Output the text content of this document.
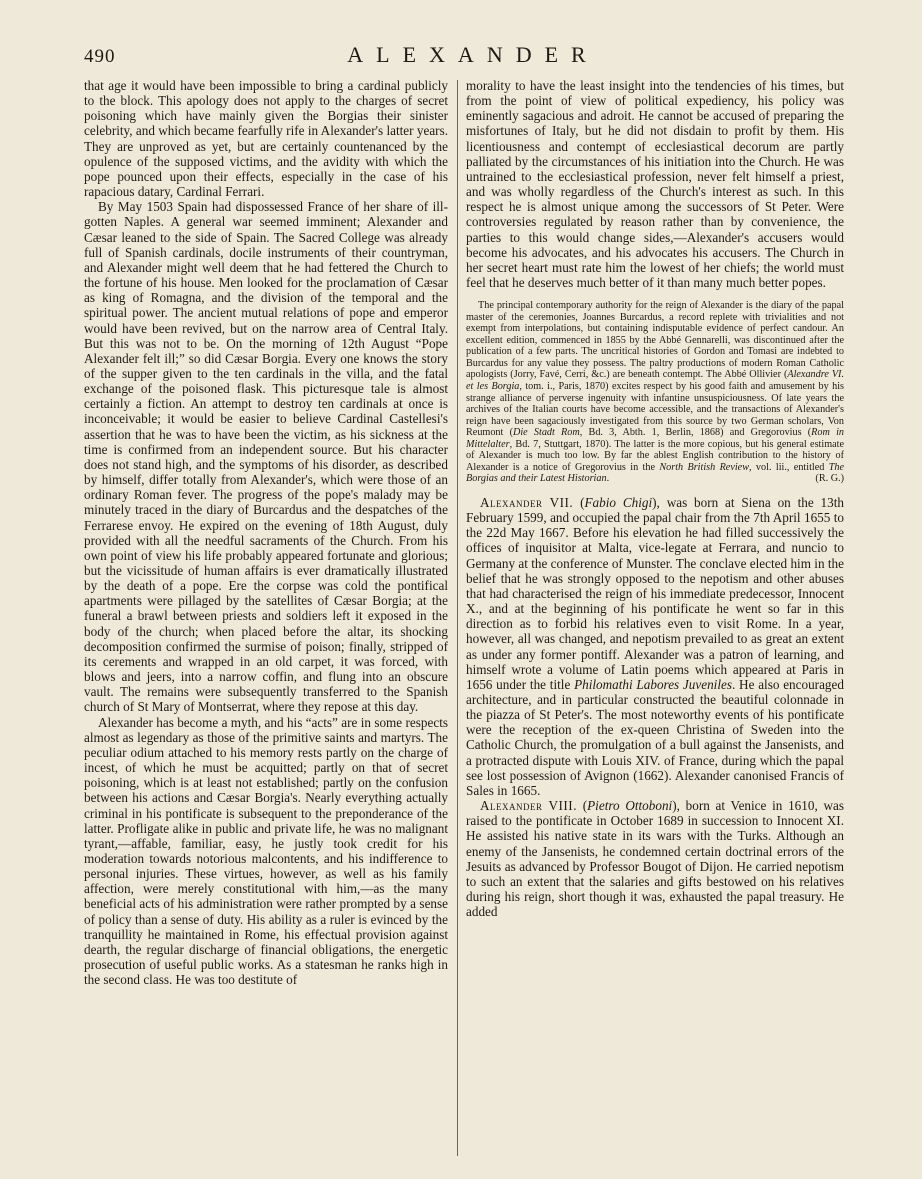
490	ALEXANDER

that age it would have been impossible to bring a cardinal publicly to the block. This apology does not apply to the charges of secret poisoning which have mainly given the Borgias their sinister celebrity, and which became fearfully rife in Alexander's latter years. They are unproved as yet, but are certainly countenanced by the opulence of the supposed victims, and the avidity with which the pope pounced upon their effects, especially in the case of his rapacious datary, Cardinal Ferrari.

By May 1503 Spain had dispossessed France of her share of ill-gotten Naples. A general war seemed imminent; Alexander and Cæsar leaned to the side of Spain. The Sacred College was already full of Spanish cardinals, docile instruments of their countryman, and Alexander might well deem that he had fettered the Church to the fortune of his house. Men looked for the proclamation of Cæsar as king of Romagna, and the division of the temporal and the spiritual power. The ancient mutual relations of pope and emperor would have been revived, but on the narrow area of Central Italy. But this was not to be. On the morning of 12th August “Pope Alexander felt ill;” so did Cæsar Borgia. Every one knows the story of the supper given to the ten cardinals in the villa, and the fatal exchange of the poisoned flask. This picturesque tale is almost certainly a fiction. An attempt to destroy ten cardinals at once is inconceivable; it would be easier to believe Cardinal Castellesi's assertion that he was to have been the victim, as his sickness at the time is confirmed from an independent source. But his character does not stand high, and the symptoms of his disorder, as described by himself, differ totally from Alexander's, which were those of an ordinary Roman fever. The progress of the pope's malady may be minutely traced in the diary of Burcardus and the despatches of the Ferrarese envoy. He expired on the evening of 18th August, duly provided with all the needful sacraments of the Church. From his own point of view his life probably appeared fortunate and glorious; but the vicissitude of human affairs is ever dramatically illustrated by the death of a pope. Ere the corpse was cold the pontifical apartments were pillaged by the satellites of Cæsar Borgia; at the funeral a brawl between priests and soldiers left it exposed in the body of the church; when placed before the altar, its shocking decomposition confirmed the surmise of poison; finally, stripped of its cerements and wrapped in an old carpet, it was forced, with blows and jeers, into a narrow coffin, and flung into an obscure vault. The remains were subsequently transferred to the Spanish church of St Mary of Montserrat, where they repose at this day.

Alexander has become a myth, and his “acts” are in some respects almost as legendary as those of the primitive saints and martyrs. The peculiar odium attached to his memory rests partly on the charge of incest, of which he must be acquitted; partly on that of secret poisoning, which is at least not established; partly on the confusion between his actions and Cæsar Borgia's. Nearly everything actually criminal in his pontificate is subsequent to the preponderance of the latter. Profligate alike in public and private life, he was no malignant tyrant,—affable, familiar, easy, he justly took credit for his moderation towards notorious malcontents, and his indifference to personal injuries. These virtues, however, as well as his family affection, were merely constitutional with him,—as the many beneficial acts of his administration were rather prompted by a sense of policy than a sense of duty. His ability as a ruler is evinced by the tranquillity he maintained in Rome, his effectual provision against dearth, the regular discharge of financial obligations, the energetic prosecution of useful public works. As a statesman he ranks high in the second class. He was too destitute of

morality to have the least insight into the tendencies of his times, but from the point of view of political expediency, his policy was eminently sagacious and adroit. He cannot be accused of preparing the misfortunes of Italy, but he did not disdain to profit by them. His licentiousness and contempt of ecclesiastical decorum are partly palliated by the circumstances of his initiation into the Church. He was untrained to the ecclesiastical profession, never felt himself a priest, and was wholly regardless of the Church's interest as such. In this respect he is almost unique among the successors of St Peter. Were controversies regulated by reason rather than by convenience, the parties to this would change sides,—Alexander's accusers would become his advocates, and his advocates his accusers. The Church in her secret heart must rate him the lowest of her chiefs; the world must feel that he deserves much better of it than many much better popes.

The principal contemporary authority for the reign of Alexander is the diary of the papal master of the ceremonies, Joannes Burcardus, a record replete with trivialities and not exempt from interpolations, but containing indisputable evidence of perfect candour. An excellent edition, commenced in 1855 by the Abbé Gennarelli, was discontinued after the publication of a few parts. The uncritical histories of Gordon and Tomasi are indebted to Burcardus for any value they possess. The paltry productions of modern Roman Catholic apologists (Jorry, Favé, Cerri, &c.) are beneath contempt. The Abbé Ollivier (Alexandre VI. et les Borgia, tom. i., Paris, 1870) excites respect by his good faith and amusement by his strange alliance of perverse ingenuity with infantine unsuspiciousness. Of late years the archives of the Italian courts have become accessible, and the transactions of Alexander's reign have been sagaciously investigated from this source by two German scholars, Von Reumont (Die Stadt Rom, Bd. 3, Abth. 1, Berlin, 1868) and Gregorovius (Rom in Mittelalter, Bd. 7, Stuttgart, 1870). The latter is the more copious, but his general estimate of Alexander is much too low. By far the ablest English contribution to the history of Alexander is a notice of Gregorovius in the North British Review, vol. lii., entitled The Borgias and their Latest Historian.	(R. G.)

Alexander VII. (Fabio Chigi), was born at Siena on the 13th February 1599, and occupied the papal chair from the 7th April 1655 to the 22d May 1667. Before his elevation he had filled successively the offices of inquisitor at Malta, vice-legate at Ferrara, and nuncio to Germany at the conference of Munster. The conclave elected him in the belief that he was strongly opposed to the nepotism and other abuses that had characterised the reign of his immediate predecessor, Innocent X., and at the beginning of his pontificate he went so far in this direction as to forbid his relatives even to visit Rome. In a year, however, all was changed, and nepotism prevailed to as great an extent as under any former pontiff. Alexander was a patron of learning, and himself wrote a volume of Latin poems which appeared at Paris in 1656 under the title Philomathi Labores Juveniles. He also encouraged architecture, and in particular constructed the beautiful colonnade in the piazza of St Peter's. The most noteworthy events of his pontificate were the reception of the ex-queen Christina of Sweden into the Catholic Church, the promulgation of a bull against the Jansenists, and a protracted dispute with Louis XIV. of France, during which the papal see lost possession of Avignon (1662). Alexander canonised Francis of Sales in 1665.

Alexander VIII. (Pietro Ottoboni), born at Venice in 1610, was raised to the pontificate in October 1689 in succession to Innocent XI. He assisted his native state in its wars with the Turks. Although an enemy of the Jansenists, he condemned certain doctrinal errors of the Jesuits as advanced by Professor Bougot of Dijon. He carried nepotism to such an extent that the salaries and gifts bestowed on his relatives during his reign, short though it was, exhausted the papal treasury. He added
